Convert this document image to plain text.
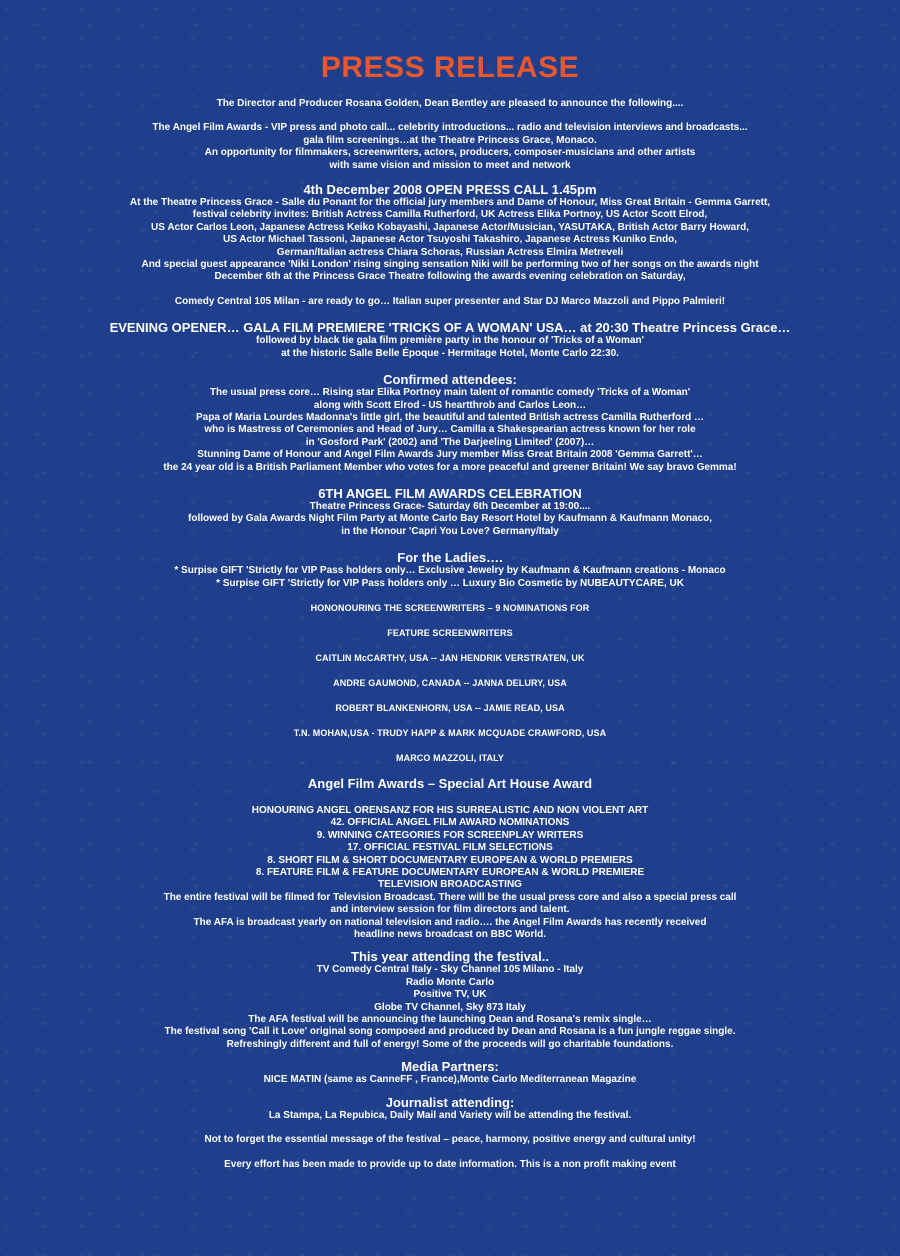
PRESS RELEASE
The Director and Producer Rosana Golden, Dean Bentley are pleased to announce the following....
The Angel Film Awards - VIP press and photo call... celebrity introductions... radio and television interviews and broadcasts...
gala film screenings…at the Theatre Princess Grace, Monaco.
An opportunity for filmmakers, screenwriters, actors, producers, composer-musicians and other artists
with same vision and mission to meet and network
4th December 2008 OPEN PRESS CALL 1.45pm
At the Theatre Princess Grace - Salle du Ponant for the official jury members and Dame of Honour, Miss Great Britain - Gemma Garrett,
festival celebrity invites: British Actress Camilla Rutherford, UK Actress Elika Portnoy, US Actor Scott Elrod,
US Actor Carlos Leon, Japanese Actress Keiko Kobayashi, Japanese Actor/Musician, YASUTAKA, British Actor Barry Howard,
US Actor Michael Tassoni, Japanese Actor Tsuyoshi Takashiro, Japanese Actress Kuniko Endo,
German/Italian actress Chiara Schoras, Russian Actress Elmira Metreveli
And special guest appearance 'Niki London' rising singing sensation Niki will be performing two of her songs on the awards night
December 6th at the Princess Grace Theatre following the awards evening celebration on Saturday,
Comedy Central 105 Milan - are ready to go… Italian super presenter and Star DJ Marco Mazzoli and Pippo Palmieri!
EVENING OPENER… GALA FILM PREMIERE 'TRICKS OF A WOMAN' USA… at 20:30 Theatre Princess Grace…
followed by black tie gala film première party in the honour of 'Tricks of a Woman'
at the historic Salle Belle Époque - Hermitage Hotel, Monte Carlo 22:30.
Confirmed attendees:
The usual press core… Rising star Elika Portnoy main talent of romantic comedy 'Tricks of a Woman'
along with Scott Elrod - US heartthrob and Carlos Leon…
Papa of Maria Lourdes Madonna's little girl, the beautiful and talented British actress Camilla Rutherford …
who is Mastress of Ceremonies and Head of Jury… Camilla a Shakespearian actress known for her role
in 'Gosford Park' (2002) and 'The Darjeeling Limited' (2007)…
Stunning Dame of Honour and Angel Film Awards Jury member Miss Great Britain 2008 'Gemma Garrett'…
the 24 year old is a British Parliament Member who votes for a more peaceful and greener Britain! We say bravo Gemma!
6TH ANGEL FILM AWARDS CELEBRATION
Theatre Princess Grace- Saturday 6th December at 19:00....
followed by Gala Awards Night Film Party at Monte Carlo Bay Resort Hotel by Kaufmann & Kaufmann Monaco,
in the Honour 'Capri You Love? Germany/Italy
For the Ladies….
* Surpise GIFT 'Strictly for VIP Pass holders only… Exclusive Jewelry by Kaufmann & Kaufmann creations - Monaco
* Surpise GIFT 'Strictly for VIP Pass holders only … Luxury Bio Cosmetic by NUBEAUTYCARE, UK
HONONOURING THE SCREENWRITERS – 9 NOMINATIONS FOR
FEATURE SCREENWRITERS
CAITLIN McCARTHY, USA -- JAN HENDRIK VERSTRATEN, UK
ANDRE GAUMOND, CANADA -- JANNA DELURY, USA
ROBERT BLANKENHORN, USA -- JAMIE READ, USA
T.N. MOHAN,USA - TRUDY HAPP & MARK MCQUADE CRAWFORD, USA
MARCO MAZZOLI, ITALY
Angel Film Awards – Special Art House Award
HONOURING ANGEL ORENSANZ FOR HIS SURREALISTIC AND NON VIOLENT ART
42. OFFICIAL ANGEL FILM AWARD NOMINATIONS
9. WINNING CATEGORIES FOR SCREENPLAY WRITERS
17. OFFICIAL FESTIVAL FILM SELECTIONS
8. SHORT FILM & SHORT DOCUMENTARY EUROPEAN & WORLD PREMIERS
8. FEATURE FILM & FEATURE DOCUMENTARY EUROPEAN & WORLD PREMIERE
TELEVISION BROADCASTING
The entire festival will be filmed for Television Broadcast. There will be the usual press core and also a special press call
and interview session for film directors and talent.
The AFA is broadcast yearly on national television and radio…. the Angel Film Awards has recently received
headline news broadcast on BBC World.
This year attending the festival..
TV Comedy Central Italy - Sky Channel 105 Milano - Italy
Radio Monte Carlo
Positive TV, UK
Globe TV Channel, Sky 873 Italy
The AFA festival will be announcing the launching Dean and Rosana's remix single…
The festival song 'Call it Love' original song composed and produced by Dean and Rosana is a fun jungle reggae single.
Refreshingly different and full of energy! Some of the proceeds will go charitable foundations.
Media Partners:
NICE MATIN (same as CanneFF , France),Monte Carlo Mediterranean Magazine
Journalist attending:
La Stampa, La Repubica, Daily Mail and Variety will be attending the festival.
Not to forget the essential message of the festival – peace, harmony, positive energy and cultural unity!
Every effort has been made to provide up to date information. This is a non profit making event
